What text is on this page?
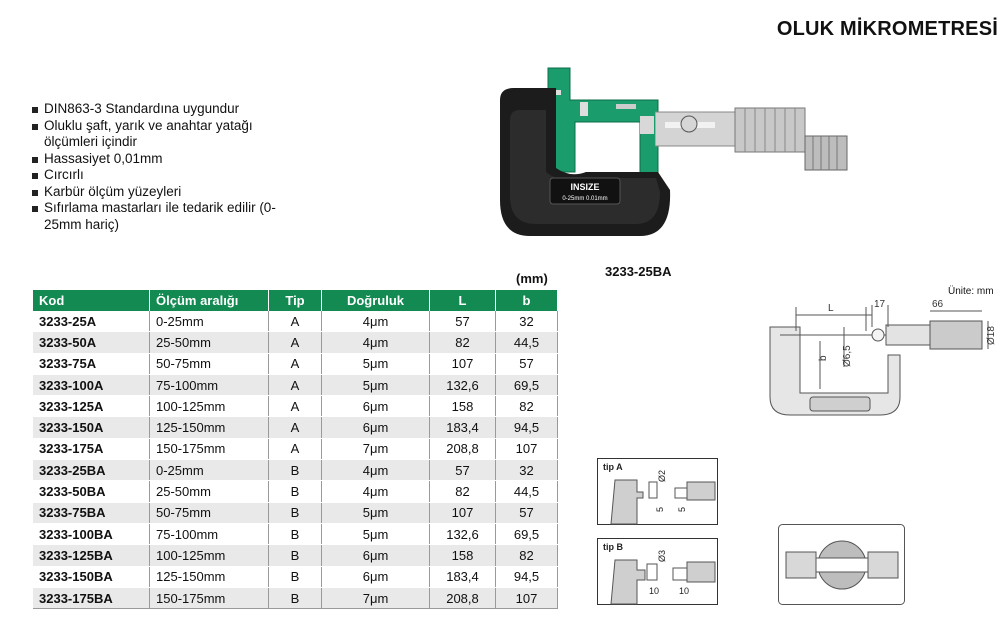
OLUK MİKROMETRESİ
DIN863-3 Standardına uygundur
Oluklu şaft, yarık ve anahtar yatağı ölçümleri içindir
Hassasiyet 0,01mm
Cırcırlı
Karbür ölçüm yüzeyleri
Sıfırlama mastarları ile tedarik edilir (0-25mm hariç)
INSIZE
0-25mm 0.01mm
3233-25BA
(mm)
Kod	Ölçüm aralığı	Tip	Doğruluk	L	b
3233-25A	0-25mm	A	4μm	57	32
3233-50A	25-50mm	A	4μm	82	44,5
3233-75A	50-75mm	A	5μm	107	57
3233-100A	75-100mm	A	5μm	132,6	69,5
3233-125A	100-125mm	A	6μm	158	82
3233-150A	125-150mm	A	6μm	183,4	94,5
3233-175A	150-175mm	A	7μm	208,8	107
3233-25BA	0-25mm	B	4μm	57	32
3233-50BA	25-50mm	B	4μm	82	44,5
3233-75BA	50-75mm	B	5μm	107	57
3233-100BA	75-100mm	B	5μm	132,6	69,5
3233-125BA	100-125mm	B	6μm	158	82
3233-150BA	125-150mm	B	6μm	183,4	94,5
3233-175BA	150-175mm	B	7μm	208,8	107
Ünite: mm
L	17	66
Ø18
Ø6,5
b
tip A
Ø2
5 5
tip B
Ø3
10 10
